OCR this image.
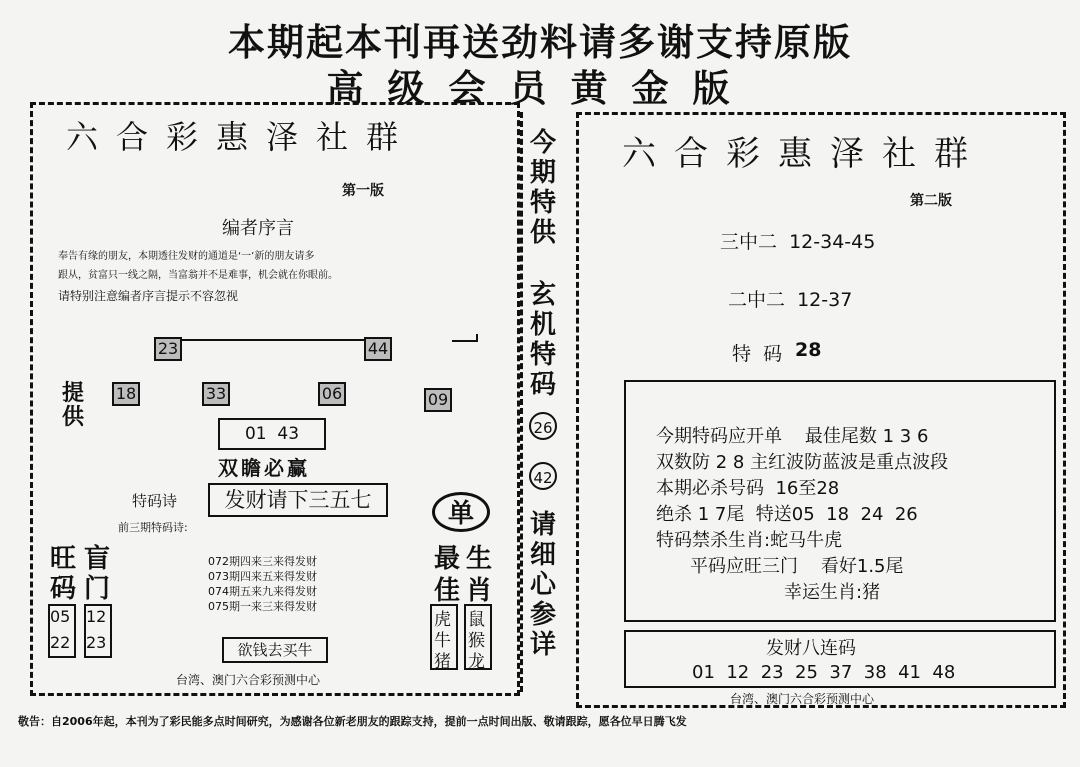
本期起本刊再送劲料请多谢支持原版
高级会员黄金版
六合彩惠泽社群
第一版
编者序言
奉告有缘的朋友，本期透往发财的通道是‘一’新的朋友请多
跟从，贫富只一线之隔，当富翁并不是难事，机会就在你眼前。
请特别注意编者序言提示不容忽视
23	44
提
供
18	33	06	09
01  43
双瞻必赢
特码诗	发财请下三五七
前三期特码诗:
旺
码
盲
门
05
22
12
23
072期四来三来得发财
073期四来五来得发财
074期五来九来得发财
075期一来三来得发财
欲钱去买牛
台湾、澳门六合彩预测中心
单
最
佳
生
肖
虎
牛
猪
鼠
猴
龙
今
期
特
供
玄
机
特
码
26
42
请
细
心
参
详
六合彩惠泽社群
第二版
三中二  12-34-45
二中二  12-37
特  码 28
今期特码应开单    最佳尾数 1 3 6
双数防 2 8 主红波防蓝波是重点波段
本期必杀号码  16至28
绝杀 1 7尾  特送05  18  24  26
特码禁杀生肖:蛇马牛虎
平码应旺三门    看好1.5尾
幸运生肖:猪
发财八连码
01  12  23  25  37  38  41  48
台湾、澳门六合彩预测中心
敬告：自2006年起，本刊为了彩民能多点时间研究，为感谢各位新老朋友的跟踪支持，提前一点时间出版、敬请跟踪，愿各位早日腾飞发
